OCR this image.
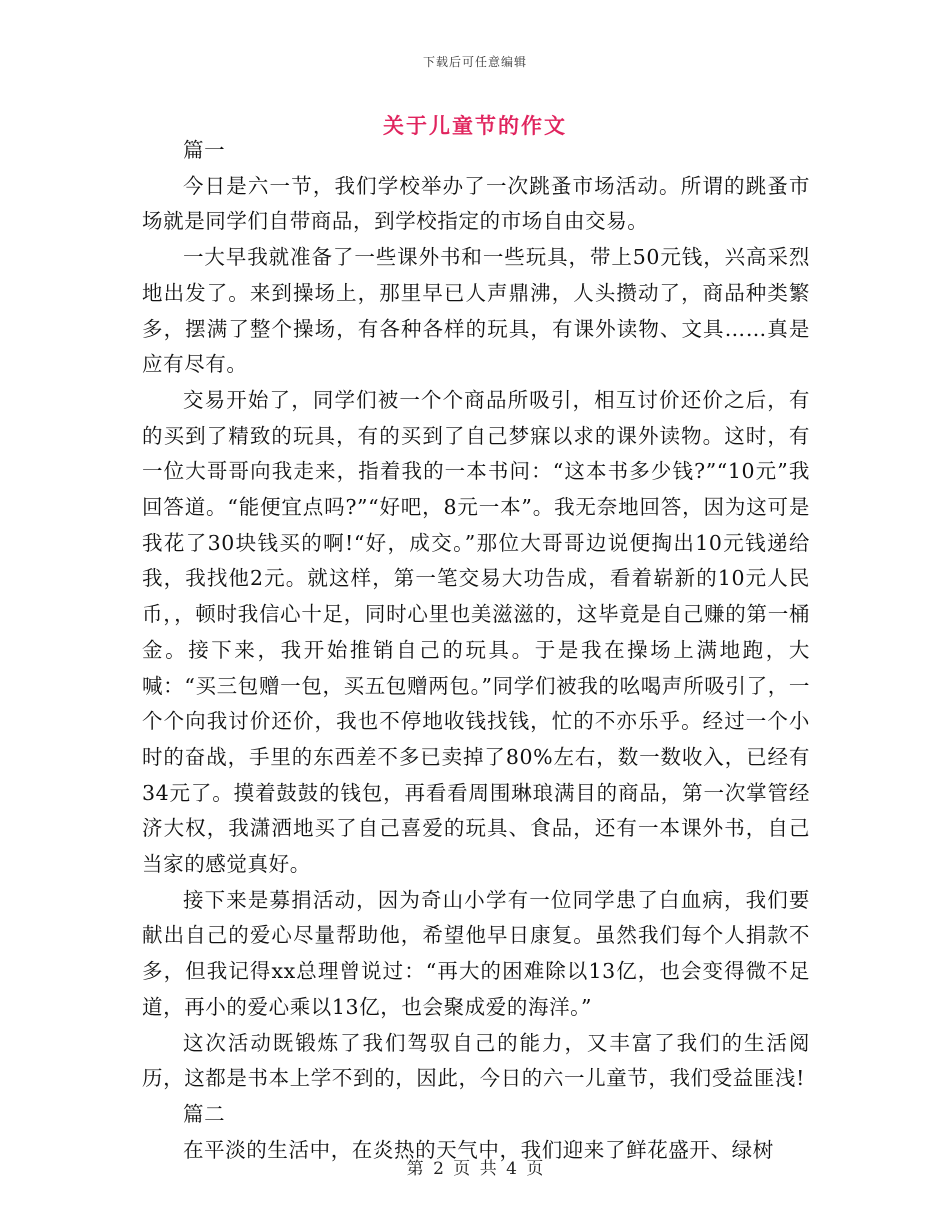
下载后可任意编辑
关于儿童节的作文

篇一

今日是六一节，我们学校举办了一次跳蚤市场活动。所谓的跳蚤市场就是同学们自带商品，到学校指定的市场自由交易。

一大早我就准备了一些课外书和一些玩具，带上50元钱，兴高采烈地出发了。来到操场上，那里早已人声鼎沸，人头攒动了，商品种类繁多，摆满了整个操场，有各种各样的玩具，有课外读物、文具……真是应有尽有。

交易开始了，同学们被一个个商品所吸引，相互讨价还价之后，有的买到了精致的玩具，有的买到了自己梦寐以求的课外读物。这时，有一位大哥哥向我走来，指着我的一本书问：“这本书多少钱?”“10元”我回答道。“能便宜点吗?”“好吧，8元一本”。我无奈地回答，因为这可是我花了30块钱买的啊!“好，成交。”那位大哥哥边说便掏出10元钱递给我，我找他2元。就这样，第一笔交易大功告成，看着崭新的10元人民币，，顿时我信心十足，同时心里也美滋滋的，这毕竟是自己赚的第一桶金。接下来，我开始推销自己的玩具。于是我在操场上满地跑，大喊：“买三包赠一包，买五包赠两包。”同学们被我的吆喝声所吸引了，一个个向我讨价还价，我也不停地收钱找钱，忙的不亦乐乎。经过一个小时的奋战，手里的东西差不多已卖掉了80%左右，数一数收入，已经有34元了。摸着鼓鼓的钱包，再看看周围琳琅满目的商品，第一次掌管经济大权，我潇洒地买了自己喜爱的玩具、食品，还有一本课外书，自己当家的感觉真好。

接下来是募捐活动，因为奇山小学有一位同学患了白血病，我们要献出自己的爱心尽量帮助他，希望他早日康复。虽然我们每个人捐款不多，但我记得xx总理曾说过：“再大的困难除以13亿，也会变得微不足道，再小的爱心乘以13亿，也会聚成爱的海洋。”

这次活动既锻炼了我们驾驭自己的能力，又丰富了我们的生活阅历，这都是书本上学不到的，因此，今日的六一儿童节，我们受益匪浅!

篇二

在平淡的生活中，在炎热的天气中，我们迎来了鲜花盛开、绿树

第 2 页 共 4 页
